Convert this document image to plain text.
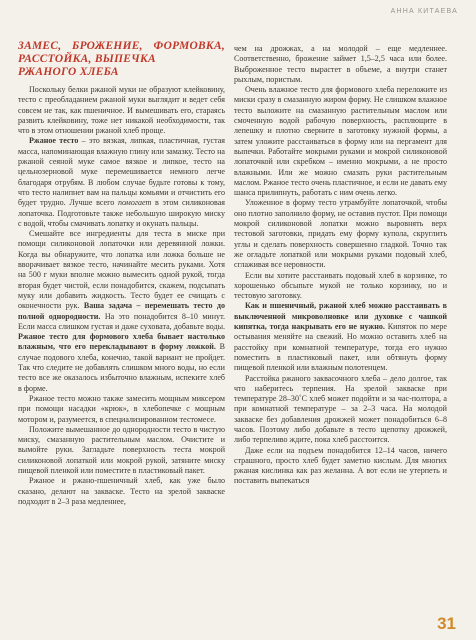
АННА КИТАЕВА
ЗАМЕС, БРОЖЕНИЕ, ФОРМОВКА, РАССТОЙКА, ВЫПЕЧКА
РЖАНОГО ХЛЕБА

Поскольку белки ржаной муки не образуют клейковину, тесто с преобладанием ржаной муки выглядит и ведет себя совсем не так, как пшеничное. И вымешивать его, стараясь развить клейковину, тоже нет никакой необходимости, так что в этом отношении ржаной хлеб проще.

Ржаное тесто – это вязкая, липкая, пластичная, густая масса, напоминающая влажную глину или замазку. Тесто на ржаной сеяной муке самое вязкое и липкое, тесто на цельнозерновой муке перемешивается немного легче благодаря отрубям. В любом случае будьте готовы к тому, что тесто налипнет вам на пальцы комьями и отчистить его будет трудно. Лучше всего помогает в этом силиконовая лопаточка. Подготовьте также небольшую широкую миску с водой, чтобы смачивать лопатку и окунать пальцы.

Смешайте все ингредиенты для теста в миске при помощи силиконовой лопаточки или деревянной ложки. Когда вы обнаружите, что лопатка или ложка больше не вворачивает вязкое тесто, начинайте месить руками. Хотя на 500 г муки вполне можно вымесить одной рукой, тогда вторая будет чистой, если понадобится, скажем, подсыпать муку или добавить жидкость. Тесто будет ее счищать с оконечности рук. Ваша задача – перемешать тесто до полной однородности. На это понадобится 8–10 минут. Если масса слишком густая и даже суховата, добавьте воды. Ржаное тесто для формового хлеба бывает настолько влажным, что его перекладывают в форму ложкой. В случае подового хлеба, конечно, такой вариант не пройдет. Так что следите не добавлять слишком много воды, но если тесто все же оказалось избыточно влажным, испеките хлеб в форме.

Ржаное тесто можно также замесить мощным миксером при помощи насадки «крюк», в хлебопечке с мощным мотором и, разумеется, в специализированном тестомесе.

Положите вымешанное до однородности тесто в чистую миску, смазанную растительным маслом. Очистите и вымойте руки. Загладьте поверхность теста мокрой силиконовой лопаткой или мокрой рукой, затяните миску пищевой пленкой или поместите в пластиковый пакет.

Ржаное и ржано-пшеничный хлеб, как уже было сказано, делают на закваске. Тесто на зрелой закваске подходит в 2–3 раза медленнее,

чем на дрожжах, а на молодой – еще медленнее. Соответственно, брожение займет 1,5–2,5 часа или более. Выброженное тесто вырастет в объеме, а внутри станет рыхлым, пористым.

Очень влажное тесто для формового хлеба переложите из миски сразу в смазанную жиром форму. Не слишком влажное тесто выложите на смазанную растительным маслом или смоченную водой рабочую поверхность, расплющите в лепешку и плотно сверните в заготовку нужной формы, а затем уложите расстаиваться в форму или на пергамент для выпечки. Работайте мокрыми руками и мокрой силиконовой лопаточкой или скребком – именно мокрыми, а не просто влажными. Или же можно смазать руки растительным маслом. Ржаное тесто очень пластичное, и если не давать ему шанса прилипнуть, работать с ним очень легко.

Уложенное в форму тесто утрамбуйте лопаточкой, чтобы оно плотно заполнило форму, не оставив пустот. При помощи мокрой силиконовой лопатки можно выровнять верх тестовой заготовки, придать ему форму купола, скруглить углы и сделать поверхность совершенно гладкой. Точно так же огладьте лопаткой или мокрыми руками подовый хлеб, сглаживая все неровности.

Если вы хотите расстаивать подовый хлеб в корзинке, то хорошенько обсыпьте мукой не только корзинку, но и тестовую заготовку.

Как и пшеничный, ржаной хлеб можно расстаивать в выключенной микроволновке или духовке с чашкой кипятка, тогда накрывать его не нужно. Кипяток по мере остывания меняйте на свежий. Но можно оставить хлеб на расстойку при комнатной температуре, тогда его нужно поместить в пластиковый пакет, или обтянуть форму пищевой пленкой или влажным полотенцем.

Расстойка ржаного заквасочного хлеба – дело долгое, так что наберитесь терпения. На зрелой закваске при температуре 28–30˚С хлеб может подойти и за час-полтора, а при комнатной температуре – за 2–3 часа. На молодой закваске без добавления дрожжей может понадобиться 6–8 часов. Поэтому либо добавьте в тесто щепотку дрожжей, либо терпеливо ждите, пока хлеб расстоится.

Даже если на подъем понадобится 12–14 часов, ничего страшного, просто хлеб будет заметно кислым. Для многих ржаная кислинка как раз желанна. А вот если не утерпеть и поставить выпекаться

31
